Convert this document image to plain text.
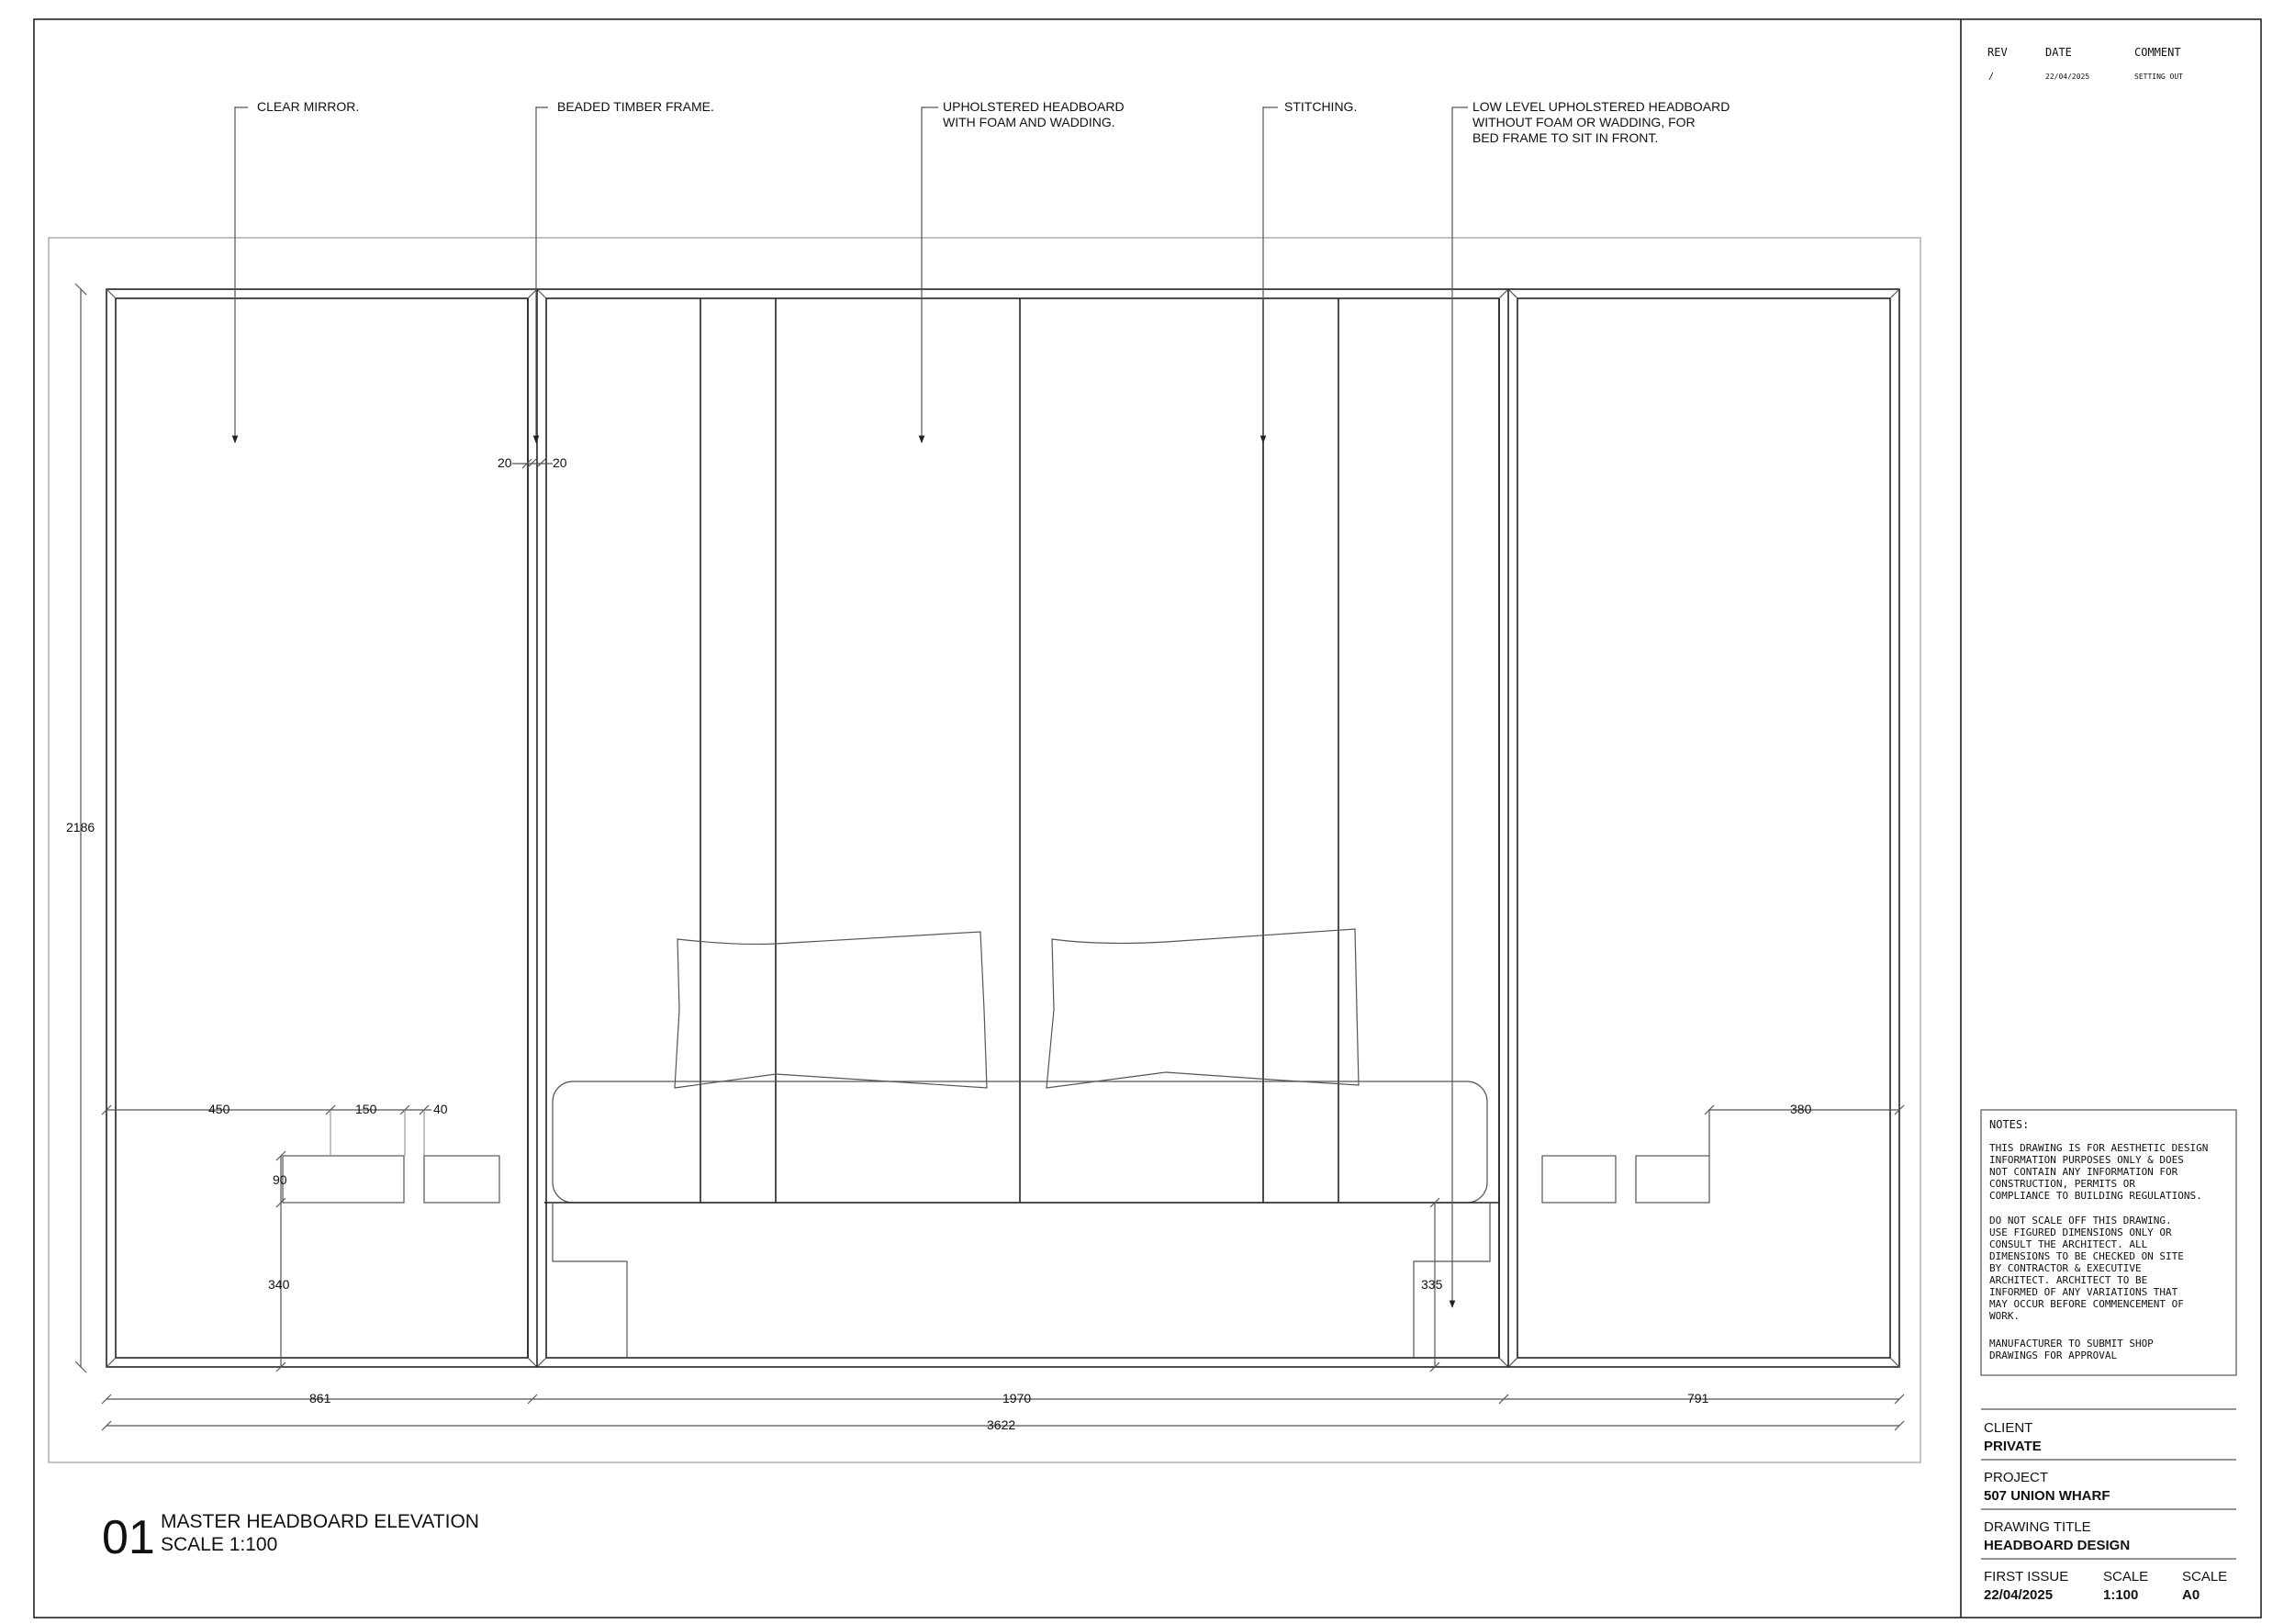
CLEAR MIRROR.	BEADED TIMBER FRAME.	UPHOLSTERED HEADBOARD
WITH FOAM AND WADDING.
STITCHING.	LOW LEVEL UPHOLSTERED HEADBOARD
WITHOUT FOAM OR WADDING, FOR
BED FRAME TO SIT IN FRONT.
20	20
2186
450	150	40
90
340
380
335
861	1970	791
3622
01 MASTER HEADBOARD ELEVATION
SCALE 1:100
REV	DATE	COMMENT
/	22/04/2025	SETTING OUT
NOTES:
THIS DRAWING IS FOR AESTHETIC DESIGN
INFORMATION PURPOSES ONLY & DOES
NOT CONTAIN ANY INFORMATION FOR
CONSTRUCTION, PERMITS OR
COMPLIANCE TO BUILDING REGULATIONS.
DO NOT SCALE OFF THIS DRAWING.
USE FIGURED DIMENSIONS ONLY OR
CONSULT THE ARCHITECT. ALL
DIMENSIONS TO BE CHECKED ON SITE
BY CONTRACTOR & EXECUTIVE
ARCHITECT. ARCHITECT TO BE
INFORMED OF ANY VARIATIONS THAT
MAY OCCUR BEFORE COMMENCEMENT OF
WORK.
MANUFACTURER TO SUBMIT SHOP
DRAWINGS FOR APPROVAL
CLIENT
PRIVATE
PROJECT
507 UNION WHARF
DRAWING TITLE
HEADBOARD DESIGN
FIRST ISSUE
22/04/2025
SCALE
1:100
SCALE
A0
